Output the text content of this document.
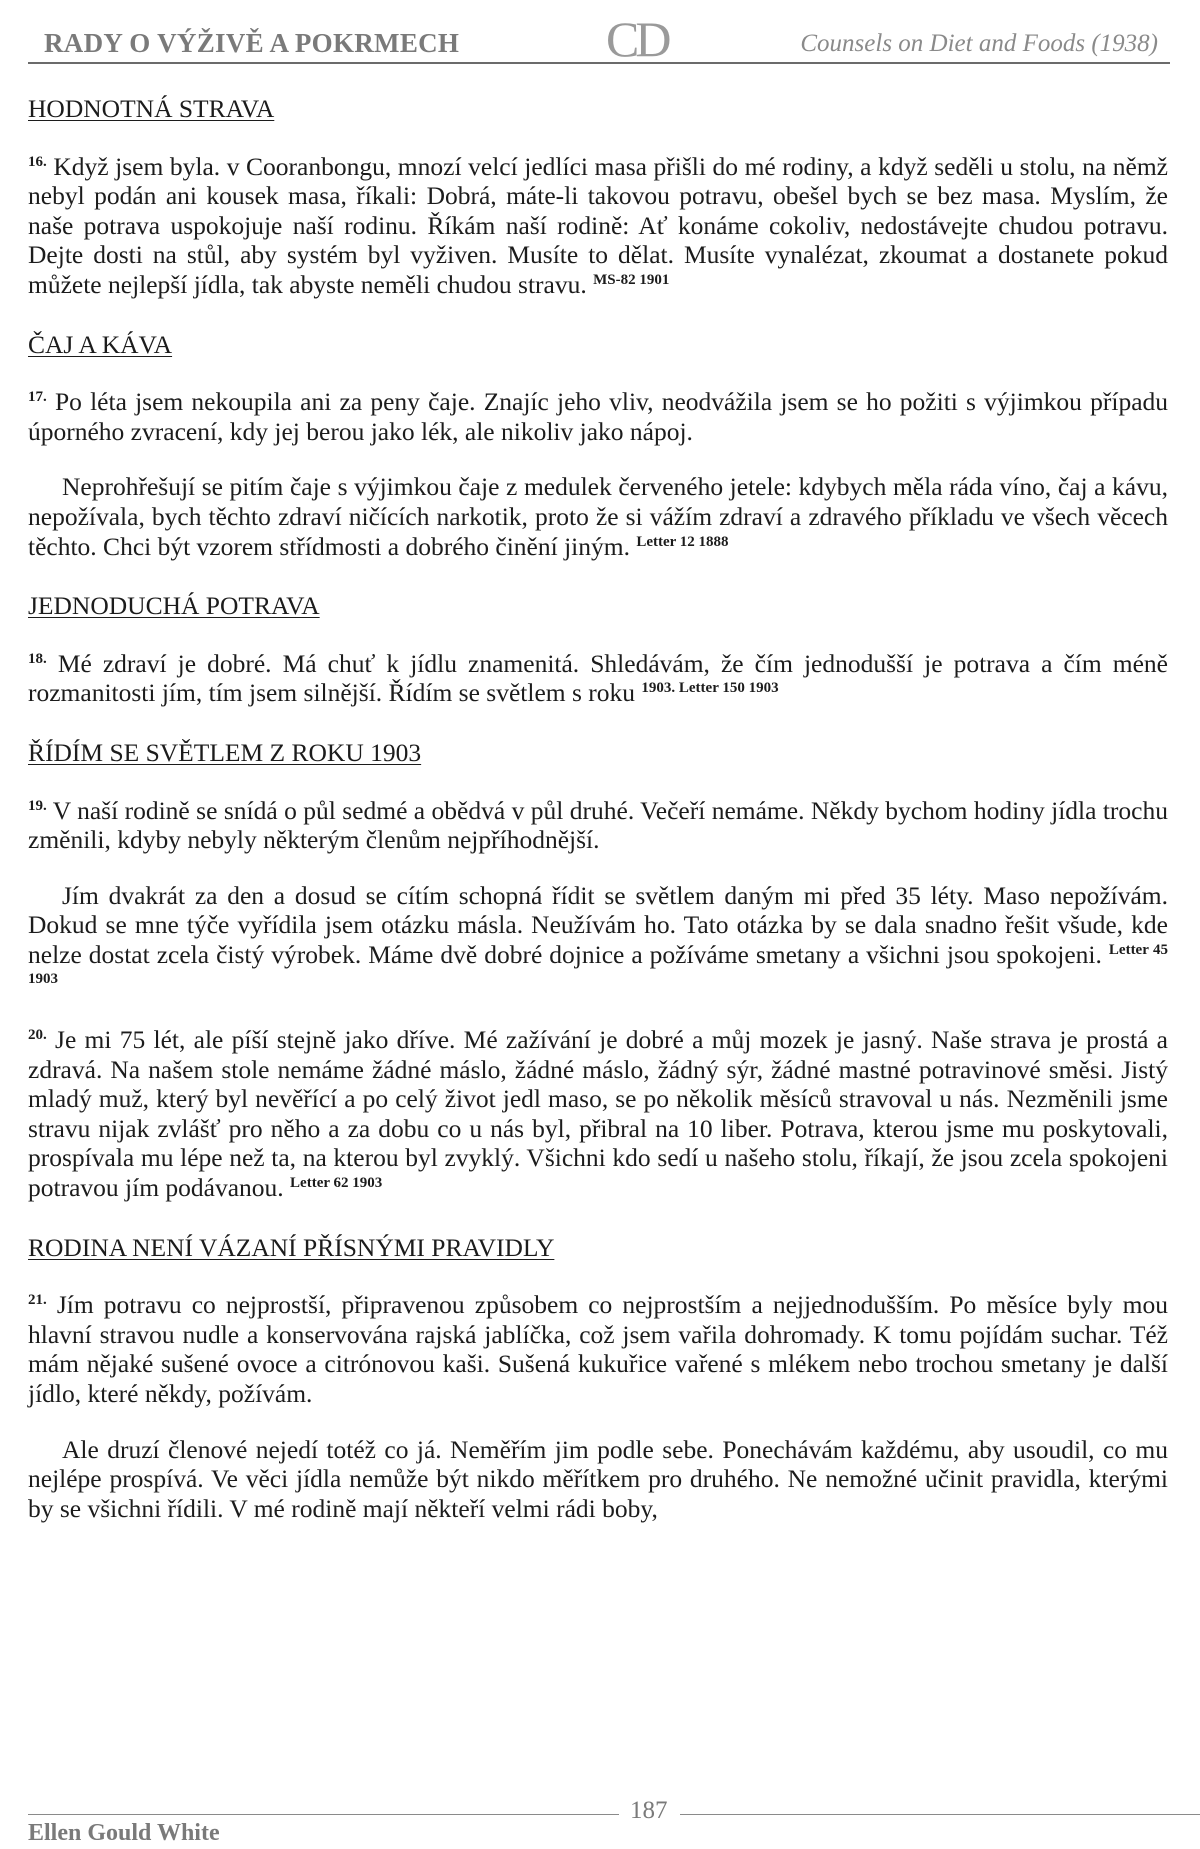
RADY O VÝŽIVĚ A POKRMECH	CD	Counsels on Diet and Foods (1938)
HODNOTNÁ STRAVA

$^{16.}$ Když jsem byla. v Cooranbongu, mnozí velcí jedlíci masa přišli do mé rodiny, a když seděli u stolu, na němž nebyl podán ani kousek masa, říkali: Dobrá, máte-li takovou potravu, obešel bych se bez masa. Myslím, že naše potrava uspokojuje naší rodinu. Říkám naší rodině: Ať konáme cokoliv, nedostávejte chudou potravu. Dejte dosti na stůl, aby systém byl vyživen. Musíte to dělat. Musíte vynalézat, zkoumat a dostanete pokud můžete nejlepší jídla, tak abyste neměli chudou stravu. $^{MS-82 1901}$

ČAJ A KÁVA

$^{17.}$ Po léta jsem nekoupila ani za peny čaje. Znajíc jeho vliv, neodvážila jsem se ho požiti s výjimkou případu úporného zvracení, kdy jej berou jako lék, ale nikoliv jako nápoj.

Neprohřešují se pitím čaje s výjimkou čaje z medulek červeného jetele: kdybych měla ráda víno, čaj a kávu, nepožívala, bych těchto zdraví ničících narkotik, proto že si vážím zdraví a zdravého příkladu ve všech věcech těchto. Chci být vzorem střídmosti a dobrého činění jiným. $^{Letter 12 1888}$

JEDNODUCHÁ POTRAVA

$^{18.}$ Mé zdraví je dobré. Má chuť k jídlu znamenitá. Shledávám, že čím jednodušší je potrava a čím méně rozmanitosti jím, tím jsem silnější. Řídím se světlem s roku $^{1903. Letter 150 1903}$

ŘÍDÍM SE SVĚTLEM Z ROKU 1903

$^{19.}$ V naší rodině se snídá o půl sedmé a obědvá v půl druhé. Večeří nemáme. Někdy bychom hodiny jídla trochu změnili, kdyby nebyly některým členům nejpříhodnější.

Jím dvakrát za den a dosud se cítím schopná řídit se světlem daným mi před 35 léty. Maso nepožívám. Dokud se mne týče vyřídila jsem otázku másla. Neužívám ho. Tato otázka by se dala snadno řešit všude, kde nelze dostat zcela čistý výrobek. Máme dvě dobré dojnice a požíváme smetany a všichni jsou spokojeni. $^{Letter 45 1903}$

$^{20.}$ Je mi 75 lét, ale píší stejně jako dříve. Mé zažívání je dobré a můj mozek je jasný. Naše strava je prostá a zdravá. Na našem stole nemáme žádné máslo, žádné máslo, žádný sýr, žádné mastné potravinové směsi. Jistý mladý muž, který byl nevěřící a po celý život jedl maso, se po několik měsíců stravoval u nás. Nezměnili jsme stravu nijak zvlášť pro něho a za dobu co u nás byl, přibral na 10 liber. Potrava, kterou jsme mu poskytovali, prospívala mu lépe než ta, na kterou byl zvyklý. Všichni kdo sedí u našeho stolu, říkají, že jsou zcela spokojeni potravou jím podávanou. $^{Letter 62 1903}$

RODINA NENÍ VÁZANÍ PŘÍSNÝMI PRAVIDLY

$^{21.}$ Jím potravu co nejprostší, připravenou způsobem co nejprostším a nejjednodušším. Po měsíce byly mou hlavní stravou nudle a konservována rajská jablíčka, což jsem vařila dohromady. K tomu pojídám suchar. Též mám nějaké sušené ovoce a citrónovou kaši. Sušená kukuřice vařené s mlékem nebo trochou smetany je další jídlo, které někdy, požívám.

Ale druzí členové nejedí totéž co já. Neměřím jim podle sebe. Ponechávám každému, aby usoudil, co mu nejlépe prospívá. Ve věci jídla nemůže být nikdo měřítkem pro druhého. Ne nemožné učinit pravidla, kterými by se všichni řídili. V mé rodině mají někteří velmi rádi boby,

187
Ellen Gould White
